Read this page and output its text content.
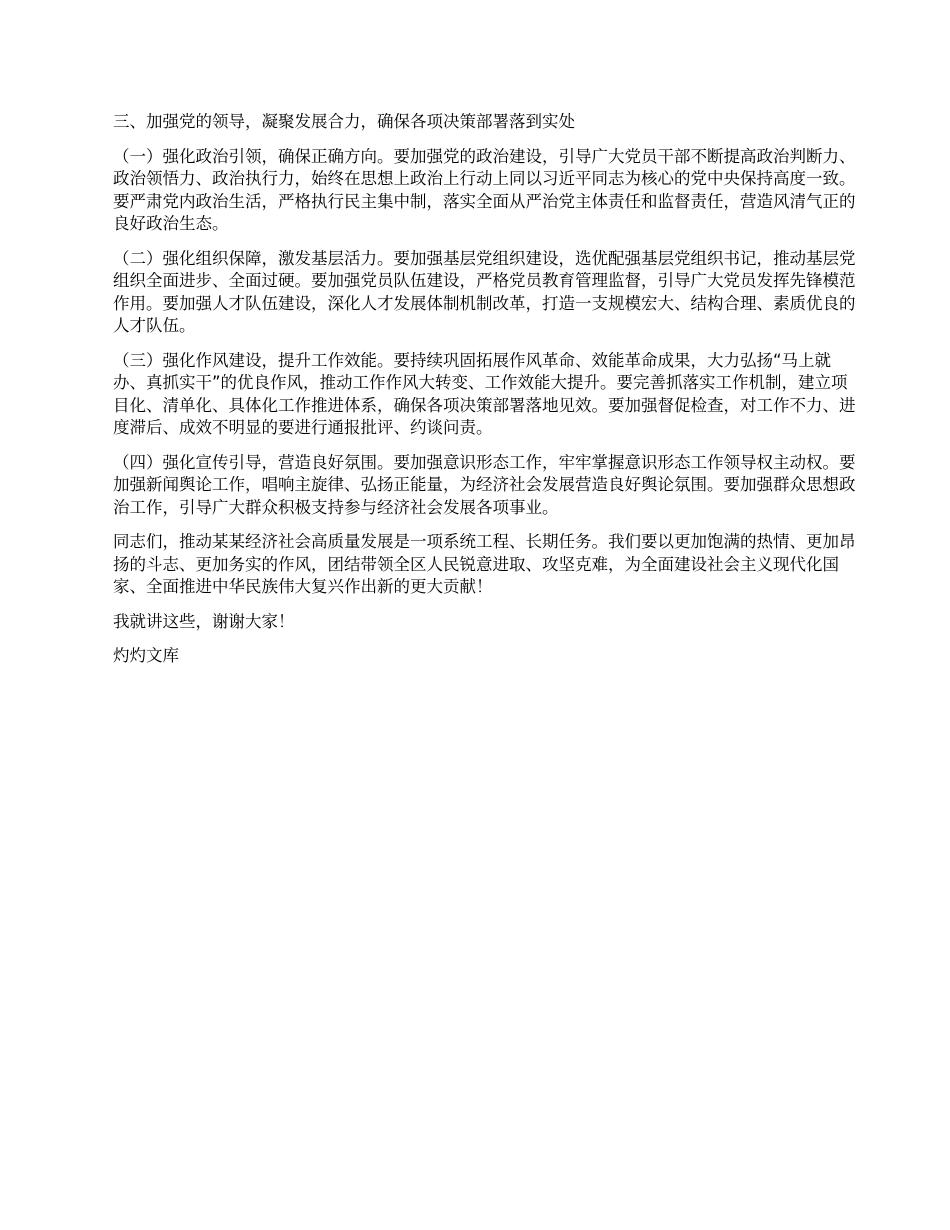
三、加强党的领导，凝聚发展合力，确保各项决策部署落到实处

（一）强化政治引领，确保正确方向。要加强党的政治建设，引导广大党员干部不断提高政治判断力、政治领悟力、政治执行力，始终在思想上政治上行动上同以习近平同志为核心的党中央保持高度一致。要严肃党内政治生活，严格执行民主集中制，落实全面从严治党主体责任和监督责任，营造风清气正的良好政治生态。

（二）强化组织保障，激发基层活力。要加强基层党组织建设，选优配强基层党组织书记，推动基层党组织全面进步、全面过硬。要加强党员队伍建设，严格党员教育管理监督，引导广大党员发挥先锋模范作用。要加强人才队伍建设，深化人才发展体制机制改革，打造一支规模宏大、结构合理、素质优良的人才队伍。

（三）强化作风建设，提升工作效能。要持续巩固拓展作风革命、效能革命成果，大力弘扬“马上就办、真抓实干”的优良作风，推动工作作风大转变、工作效能大提升。要完善抓落实工作机制，建立项目化、清单化、具体化工作推进体系，确保各项决策部署落地见效。要加强督促检查，对工作不力、进度滞后、成效不明显的要进行通报批评、约谈问责。

（四）强化宣传引导，营造良好氛围。要加强意识形态工作，牢牢掌握意识形态工作领导权主动权。要加强新闻舆论工作，唱响主旋律、弘扬正能量，为经济社会发展营造良好舆论氛围。要加强群众思想政治工作，引导广大群众积极支持参与经济社会发展各项事业。

同志们，推动某某经济社会高质量发展是一项系统工程、长期任务。我们要以更加饱满的热情、更加昂扬的斗志、更加务实的作风，团结带领全区人民锐意进取、攻坚克难，为全面建设社会主义现代化国家、全面推进中华民族伟大复兴作出新的更大贡献！

我就讲这些，谢谢大家！

灼灼文库
